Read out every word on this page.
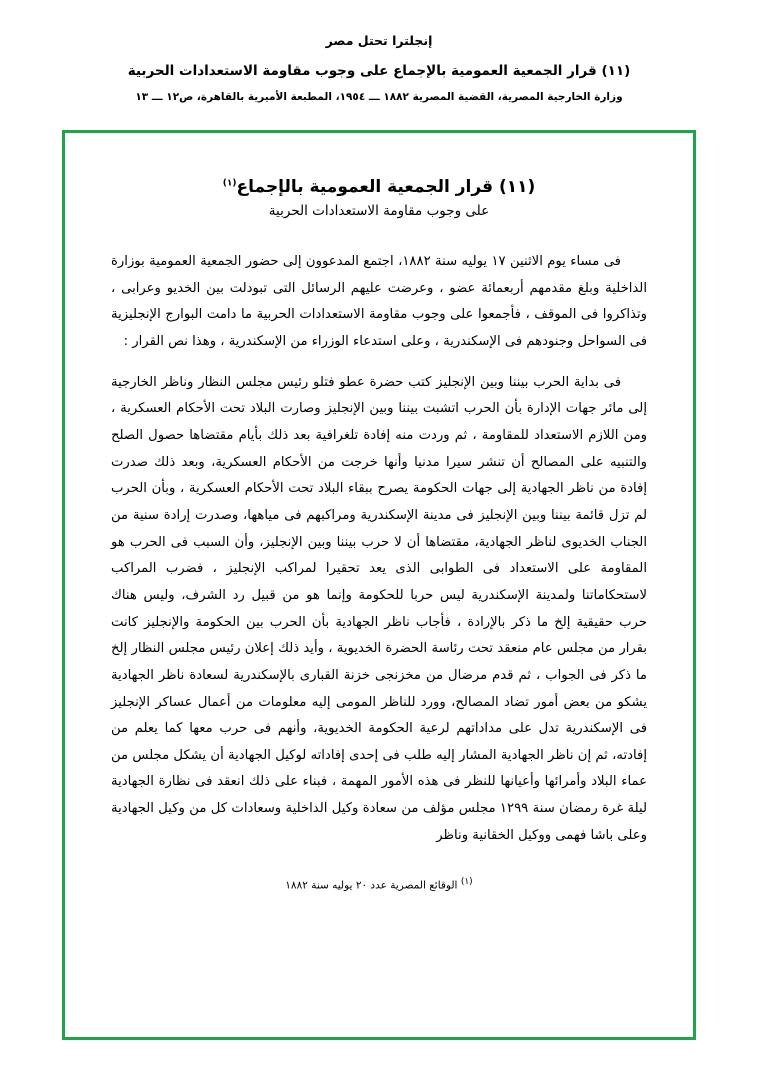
إنجلترا تحتل مصر
(١١) قرار الجمعية العمومية بالإجماع على وجوب مقاومة الاستعدادات الحربية
وزارة الخارجية المصرية، القضية المصرية ١٨٨٢ ـــ ١٩٥٤، المطبعة الأميرية بالقاهرة، ص١٢ ـــ ١٣
(١١) قرار الجمعية العمومية بالإجماع$^{(١)}$
على وجوب مقاومة الاستعدادات الحربية

فى مساء يوم الاثنين ١٧ يوليه سنة ١٨٨٢، اجتمع المدعوون إلى حضور الجمعية العمومية بوزارة الداخلية وبلغ مقدمهم أربعمائة عضو ، وعرضت عليهم الرسائل التى تبودلت بين الخديو وعرابى ، وتذاكروا فى الموقف ، فأجمعوا على وجوب مقاومة الاستعدادات الحربية ما دامت البوارج الإنجليزية فى السواحل وجنودهم فى الإسكندرية ، وعلى استدعاء الوزراء من الإسكندرية ، وهذا نص القرار :

فى بداية الحرب بيننا وبين الإنجليز كتب حضرة عطو فتلو رئيس مجلس النظار وناظر الخارجية إلى مائر جهات الإدارة بأن الحرب اتشبت بيننا وبين الإنجليز وصارت البلاد تحت الأحكام العسكرية ، ومن اللازم الاستعداد للمقاومة ، ثم وردت منه إفادة تلغرافية بعد ذلك بأيام مقتضاها حصول الصلح والتنبيه على المصالح أن تنشر سيرا مدنيا وأنها خرجت من الأحكام العسكرية، وبعد ذلك صدرت إفادة من ناظر الجهادية إلى جهات الحكومة يصرح ببقاء البلاد تحت الأحكام العسكرية ، وبأن الحرب لم تزل قائمة بيننا وبين الإنجليز فى مدينة الإسكندرية ومراكبهم فى مياهها، وصدرت إرادة سنية من الجناب الخديوى لناظر الجهادية، مقتضاها أن لا حرب بيننا وبين الإنجليز، وأن السبب فى الحرب هو المقاومة على الاستعداد فى الطوابى الذى يعد تحقيرا لمراكب الإنجليز ، فضرب المراكب لاستحكاماتنا ولمدينة الإسكندرية ليس حربا للحكومة وإنما هو من قبيل رد الشرف، وليس هناك حرب حقيقية إلخ ما ذكر بالإرادة ، فأجاب ناظر الجهادية بأن الحرب بين الحكومة والإنجليز كانت بقرار من مجلس عام منعقد تحت رئاسة الحضرة الخديوية ، وأيد ذلك إعلان رئيس مجلس النظار إلخ ما ذكر فى الجواب ، ثم قدم مرضال من مخزنجى خزنة القبارى بالإسكندرية لسعادة ناظر الجهادية يشكو من بعض أمور تضاد المصالح، وورد للناظر المومى إليه معلومات من أعمال عساكر الإنجليز فى الإسكندرية تدل على مداداتهم لرعية الحكومة الخديوية، وأنهم فى حرب معها كما يعلم من إفادته، ثم إن ناظر الجهادية المشار إليه طلب فى إحدى إفاداته لوكيل الجهادية أن يشكل مجلس من عماء البلاد وأمرائها وأعيانها للنظر فى هذه الأمور المهمة ، فبناء على ذلك انعقد فى نظارة الجهادية ليلة غرة رمضان سنة ١٢٩٩ مجلس مؤلف من سعادة وكيل الداخلية وسعادات كل من وكيل الجهادية وعلى باشا فهمى ووكيل الخقانية وناظر

$^{(١)}$ الوقائع المصرية عدد ٢٠ يوليه سنة ١٨٨٢
